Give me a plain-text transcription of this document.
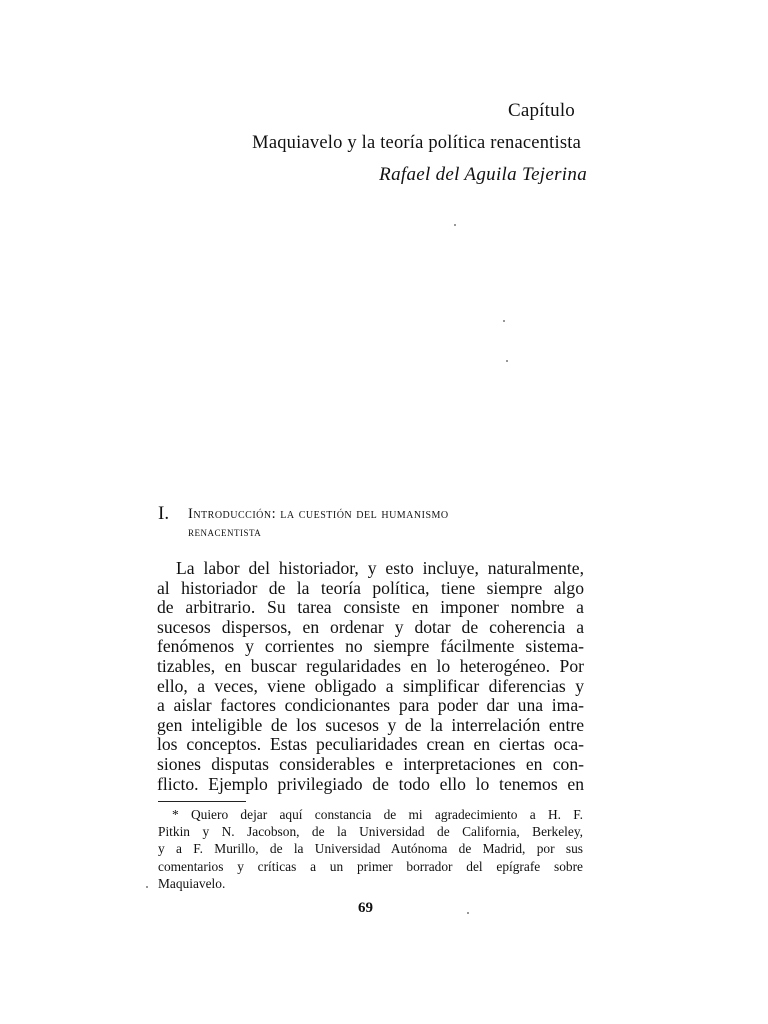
Capítulo
Maquiavelo y la teoría política renacentista
Rafael del Aguila Tejerina
I. Introducción: la cuestión del humanismo
renacentista
La labor del historiador, y esto incluye, naturalmente,
al historiador de la teoría política, tiene siempre algo
de arbitrario. Su tarea consiste en imponer nombre a
sucesos dispersos, en ordenar y dotar de coherencia a
fenómenos y corrientes no siempre fácilmente sistema-
tizables, en buscar regularidades en lo heterogéneo. Por
ello, a veces, viene obligado a simplificar diferencias y
a aislar factores condicionantes para poder dar una ima-
gen inteligible de los sucesos y de la interrelación entre
los conceptos. Estas peculiaridades crean en ciertas oca-
siones disputas considerables e interpretaciones en con-
flicto. Ejemplo privilegiado de todo ello lo tenemos en
* Quiero dejar aquí constancia de mi agradecimiento a H. F.
Pitkin y N. Jacobson, de la Universidad de California, Berkeley,
y a F. Murillo, de la Universidad Autónoma de Madrid, por sus
comentarios y críticas a un primer borrador del epígrafe sobre
Maquiavelo.
69
